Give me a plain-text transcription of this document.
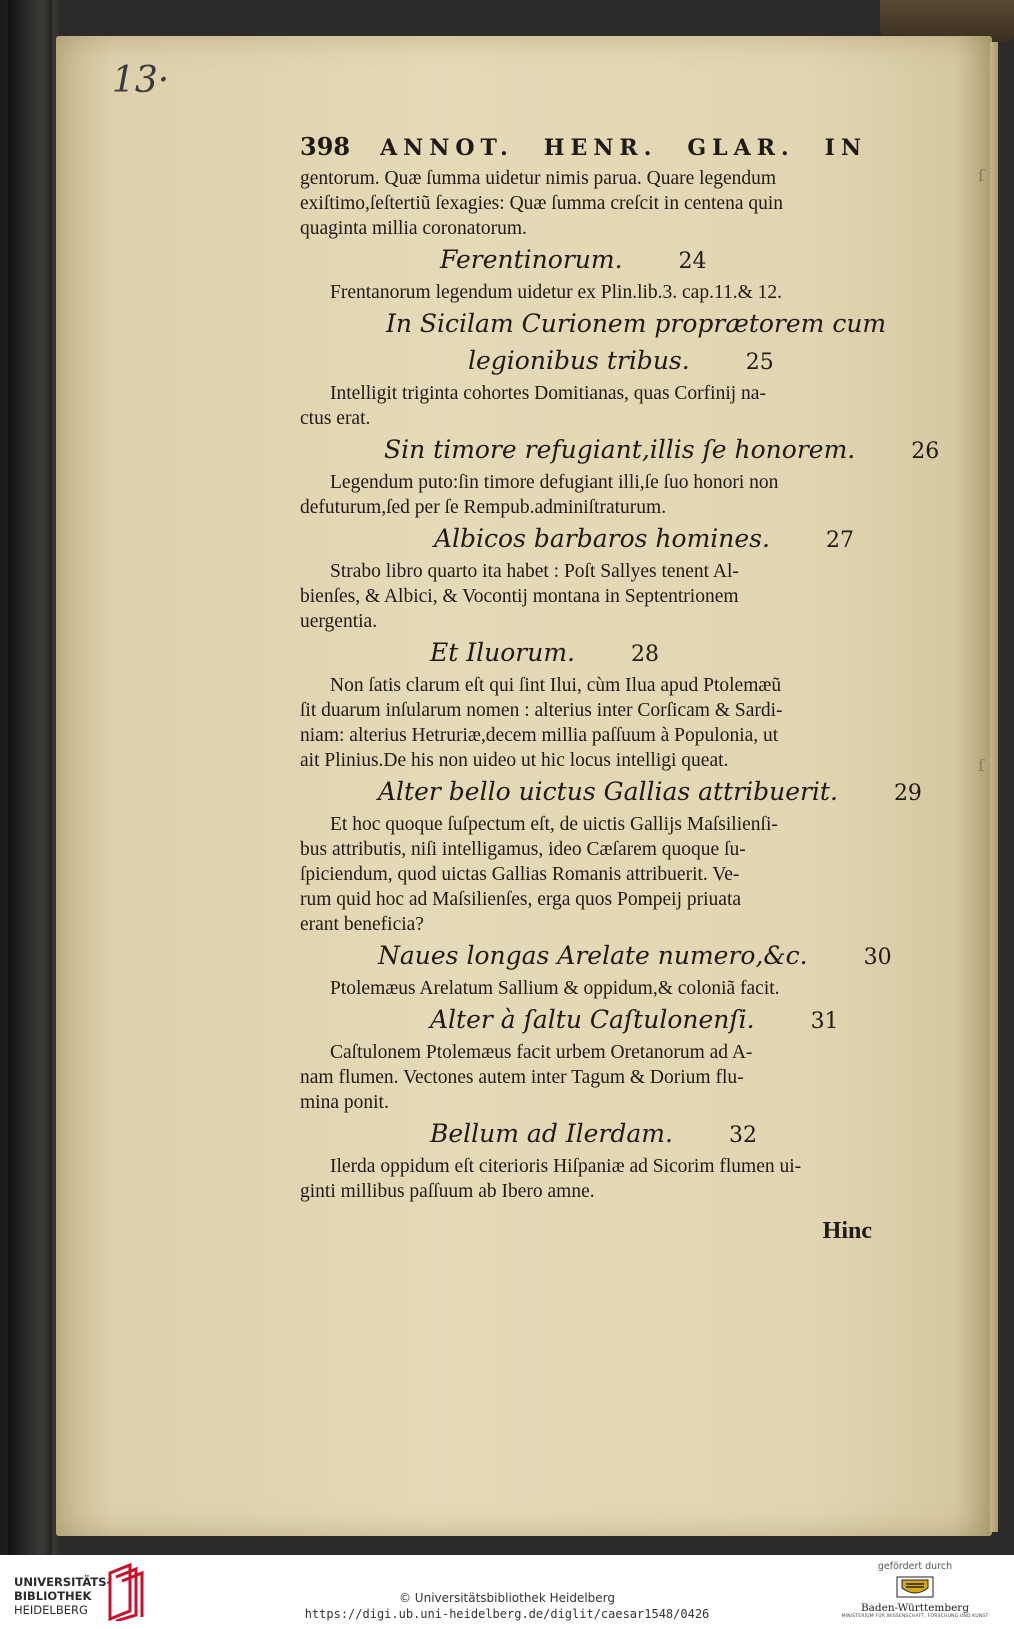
13·
ſ
ſ
398 ANNOT. HENR. GLAR. IN
gentorum. Quæ ſumma uidetur nimis parua. Quare legendum
exiſtimo,ſeſtertiũ ſexagies: Quæ ſumma creſcit in centena quin
quaginta millia coronatorum.
Ferentinorum.	24
Frentanorum legendum uidetur ex Plin.lib.3. cap.11.& 12.
In Sicilam Curionem proprætorem cum
legionibus tribus.	25
Intelligit triginta cohortes Domitianas, quas Corfinij na-
ctus erat.
Sin timore refugiant,illis ſe honorem.	26
Legendum puto:ſin timore defugiant illi,ſe ſuo honori non
defuturum,ſed per ſe Rempub.adminiſtraturum.
Albicos barbaros homines.	27
Strabo libro quarto ita habet : Poſt Sallyes tenent Al-
bienſes, & Albici, & Vocontij montana in Septentrionem
uergentia.
Et Iluorum.	28
Non ſatis clarum eſt qui ſint Ilui, cùm Ilua apud Ptolemæũ
ſit duarum inſularum nomen : alterius inter Corſicam & Sardi-
niam: alterius Hetruriæ,decem millia paſſuum à Populonia, ut
ait Plinius.De his non uideo ut hic locus intelligi queat.
Alter bello uictus Gallias attribuerit.	29
Et hoc quoque ſuſpectum eſt, de uictis Gallijs Maſsilienſi-
bus attributis, niſi intelligamus, ideo Cæſarem quoque ſu-
ſpiciendum, quod uictas Gallias Romanis attribuerit. Ve-
rum quid hoc ad Maſsilienſes, erga quos Pompeij priuata
erant beneficia?
Naues longas Arelate numero,&c.	30
Ptolemæus Arelatum Sallium & oppidum,& coloniã facit.
Alter à ſaltu Caſtulonenſi.	31
Caſtulonem Ptolemæus facit urbem Oretanorum ad A-
nam flumen. Vectones autem inter Tagum & Dorium flu-
mina ponit.
Bellum ad Ilerdam.	32
Ilerda oppidum eſt citerioris Hiſpaniæ ad Sicorim flumen ui-
ginti millibus paſſuum ab Ibero amne.
Hinc
UNIVERSITÄTS-
BIBLIOTHEK
HEIDELBERG
© Universitätsbibliothek Heidelberg
https://digi.ub.uni-heidelberg.de/diglit/caesar1548/0426
gefördert durch
Baden-Württemberg
MINISTERIUM FÜR WISSENSCHAFT, FORSCHUNG UND KUNST
